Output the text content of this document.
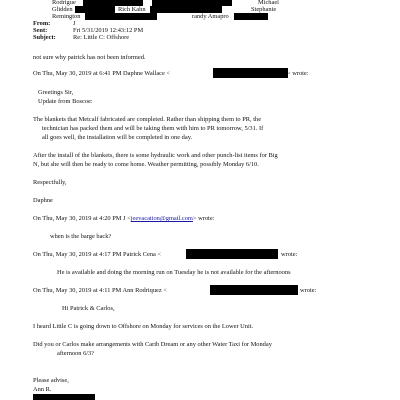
Rodrigue	Michael
Glidden	Rich Kahn	Stephanie
Remington	randy Amapro
From:	J
Sent:	Fri 5/31/2019 12:43:12 PM
Subject:	Re: Little C: Offshore
not sure why patrick has not been informed.
On Thu, May 30, 2019 at 6:41 PM Daphne Wallace <	> wrote:
Greetings Sir,
Update from Boscoe:
The blankets that Metcalf fabricated are completed. Rather than shipping them to PR, the
technician has packed them and will be taking them with him to PR tomorrow, 5/31. If
all goes well, the installation will be completed in one day.
After the install of the blankets, there is some hydraulic work and other punch-list items for Big
N, but she will then be ready to come home. Weather permitting, possibly Monday 6/10.
Respectfully,
Daphne
On Thu, May 30, 2019 at 4:20 PM J <jeevacation@gmail.com> wrote:
when is the barge back?
On Thu, May 30, 2019 at 4:17 PM Patrick Cena <	wrote:
He is available and doing the morning run on Tuesday he is not available for the afternoons
On Thu, May 30, 2019 at 4:11 PM Ann Rodriquez <	wrote:
Hi Patrick & Carlos,
I heard Little C is going down to Offshore on Monday for services on the Lower Unit.
Did you or Carlos make arrangements with Carib Dream or any other Water Taxi for Monday
afternoon 6/3?
Please advise,
Ann R.
